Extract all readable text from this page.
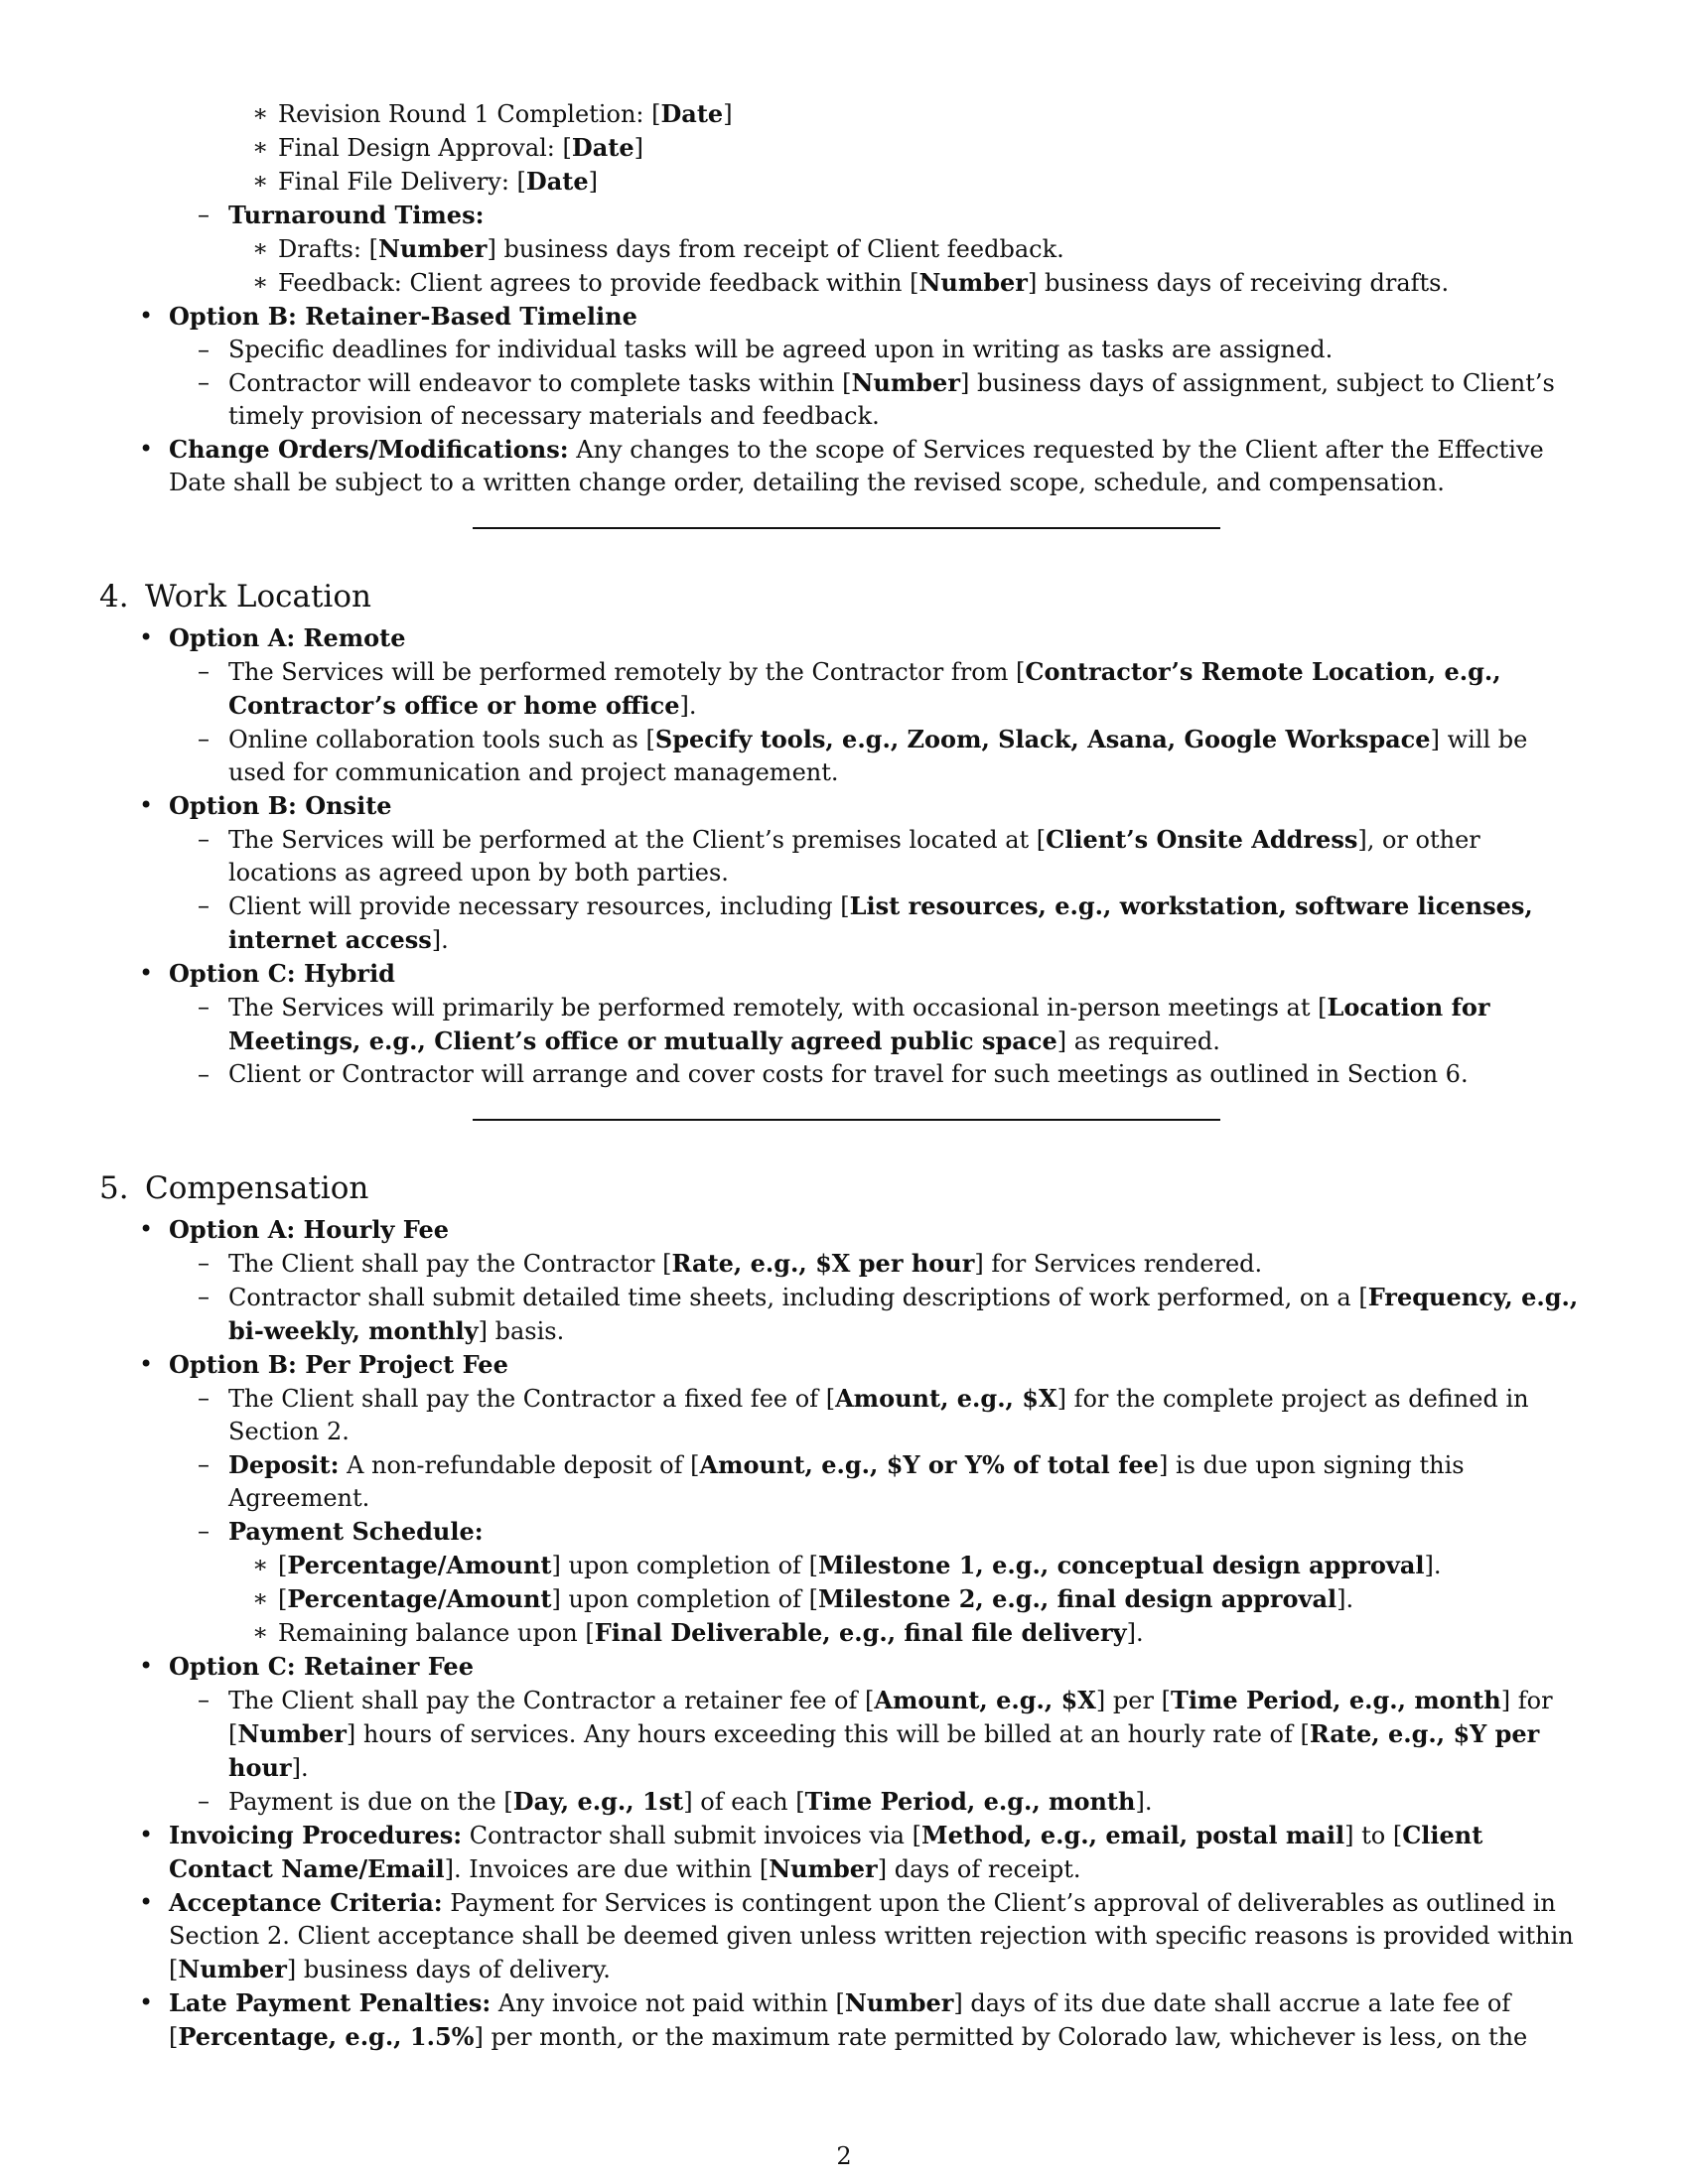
∗ Revision Round 1 Completion: [Date]
∗ Final Design Approval: [Date]
∗ Final File Delivery: [Date]
– Turnaround Times:
∗ Drafts: [Number] business days from receipt of Client feedback.
∗ Feedback: Client agrees to provide feedback within [Number] business days of receiving drafts.
• Option B: Retainer-Based Timeline
– Specific deadlines for individual tasks will be agreed upon in writing as tasks are assigned.
– Contractor will endeavor to complete tasks within [Number] business days of assignment, subject to Client’s timely provision of necessary materials and feedback.
• Change Orders/Modifications: Any changes to the scope of Services requested by the Client after the Effective Date shall be subject to a written change order, detailing the revised scope, schedule, and compensation.
4. Work Location
• Option A: Remote
– The Services will be performed remotely by the Contractor from [Contractor’s Remote Location, e.g., Contractor’s office or home office].
– Online collaboration tools such as [Specify tools, e.g., Zoom, Slack, Asana, Google Workspace] will be used for communication and project management.
• Option B: Onsite
– The Services will be performed at the Client’s premises located at [Client’s Onsite Address], or other locations as agreed upon by both parties.
– Client will provide necessary resources, including [List resources, e.g., workstation, software licenses, internet access].
• Option C: Hybrid
– The Services will primarily be performed remotely, with occasional in-person meetings at [Location for Meetings, e.g., Client’s office or mutually agreed public space] as required.
– Client or Contractor will arrange and cover costs for travel for such meetings as outlined in Section 6.
5. Compensation
• Option A: Hourly Fee
– The Client shall pay the Contractor [Rate, e.g., $X per hour] for Services rendered.
– Contractor shall submit detailed time sheets, including descriptions of work performed, on a [Frequency, e.g., bi-weekly, monthly] basis.
• Option B: Per Project Fee
– The Client shall pay the Contractor a fixed fee of [Amount, e.g., $X] for the complete project as defined in Section 2.
– Deposit: A non-refundable deposit of [Amount, e.g., $Y or Y% of total fee] is due upon signing this Agreement.
– Payment Schedule:
∗ [Percentage/Amount] upon completion of [Milestone 1, e.g., conceptual design approval].
∗ [Percentage/Amount] upon completion of [Milestone 2, e.g., final design approval].
∗ Remaining balance upon [Final Deliverable, e.g., final file delivery].
• Option C: Retainer Fee
– The Client shall pay the Contractor a retainer fee of [Amount, e.g., $X] per [Time Period, e.g., month] for [Number] hours of services. Any hours exceeding this will be billed at an hourly rate of [Rate, e.g., $Y per hour].
– Payment is due on the [Day, e.g., 1st] of each [Time Period, e.g., month].
• Invoicing Procedures: Contractor shall submit invoices via [Method, e.g., email, postal mail] to [Client Contact Name/Email]. Invoices are due within [Number] days of receipt.
• Acceptance Criteria: Payment for Services is contingent upon the Client’s approval of deliverables as outlined in Section 2. Client acceptance shall be deemed given unless written rejection with specific reasons is provided within [Number] business days of delivery.
• Late Payment Penalties: Any invoice not paid within [Number] days of its due date shall accrue a late fee of [Percentage, e.g., 1.5%] per month, or the maximum rate permitted by Colorado law, whichever is less, on the
2
